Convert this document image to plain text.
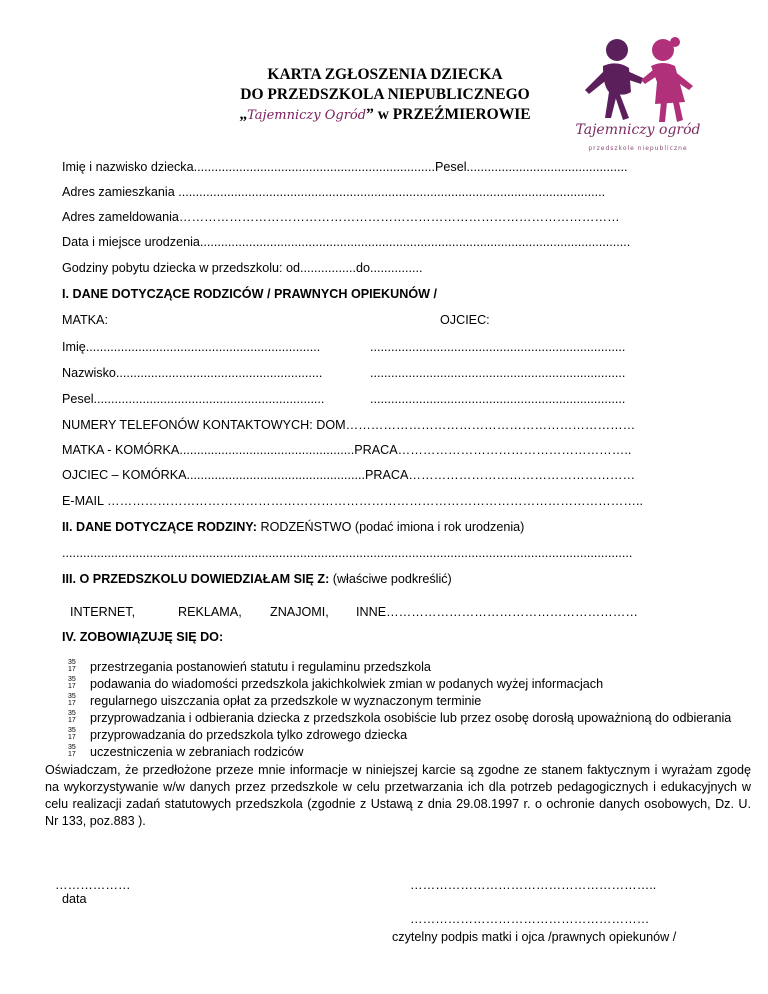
KARTA ZGŁOSZENIA DZIECKA
DO PRZEDSZKOLA NIEPUBLICZNEGO
„Tajemniczy Ogród” w PRZEŹMIEROWIE
Tajemniczy ogród
przedszkole niepubliczne
Imię i nazwisko dziecka.....................................................................Pesel..............................................
Adres zamieszkania ..........................................................................................................................
Adres zameldowania……………………………………………………………………………………………
Data i miejsce urodzenia...........................................................................................................................
Godziny pobytu dziecka w przedszkolu: od................do...............
I. DANE DOTYCZĄCE RODZICÓW / PRAWNYCH OPIEKUNÓW /
MATKA:	OJCIEC:
Imię...................................................................	.........................................................................
Nazwisko...........................................................	.........................................................................
Pesel..................................................................	.........................................................................
NUMERY TELEFONÓW KONTAKTOWYCH: DOM……………………………………………………………
MATKA - KOMÓRKA..................................................PRACA………………………………………………..
OJCIEC – KOMÓRKA...................................................PRACA………………………………………………
E-MAIL ………………………………………………………………………………………………………………..
II. DANE DOTYCZĄCE RODZINY: RODZEŃSTWO (podać imiona i rok urodzenia)
...................................................................................................................................................................
III. O PRZEDSZKOLU DOWIEDZIAŁAM SIĘ Z: (właściwe podkreślić)
INTERNET,	REKLAMA, ZNAJOMI, INNE……………………………………………………
IV. ZOBOWIĄZUJĘ SIĘ DO:
35
17 przestrzegania postanowień statutu i regulaminu przedszkola
35
17 podawania do wiadomości przedszkola jakichkolwiek zmian w podanych wyżej informacjach
35
17 regularnego uiszczania opłat za przedszkole w wyznaczonym terminie
35
17 przyprowadzania i odbierania dziecka z przedszkola osobiście lub przez osobę dorosłą upoważnioną do odbierania
35
17 przyprowadzania do przedszkola tylko zdrowego dziecka
35
17 uczestniczenia w zebraniach rodziców
Oświadczam, że przedłożone przeze mnie informacje w niniejszej karcie są zgodne ze stanem faktycznym i wyrażam zgodę na wykorzystywanie w/w danych przez przedszkole w celu przetwarzania ich dla potrzeb pedagogicznych i edukacyjnych w celu realizacji zadań statutowych przedszkola (zgodnie z Ustawą z dnia 29.08.1997 r. o ochronie danych osobowych, Dz. U. Nr 133, poz.883 ).
………………
data
…………………………………………………..
…………………………………………………
czytelny podpis matki i ojca /prawnych opiekunów /
